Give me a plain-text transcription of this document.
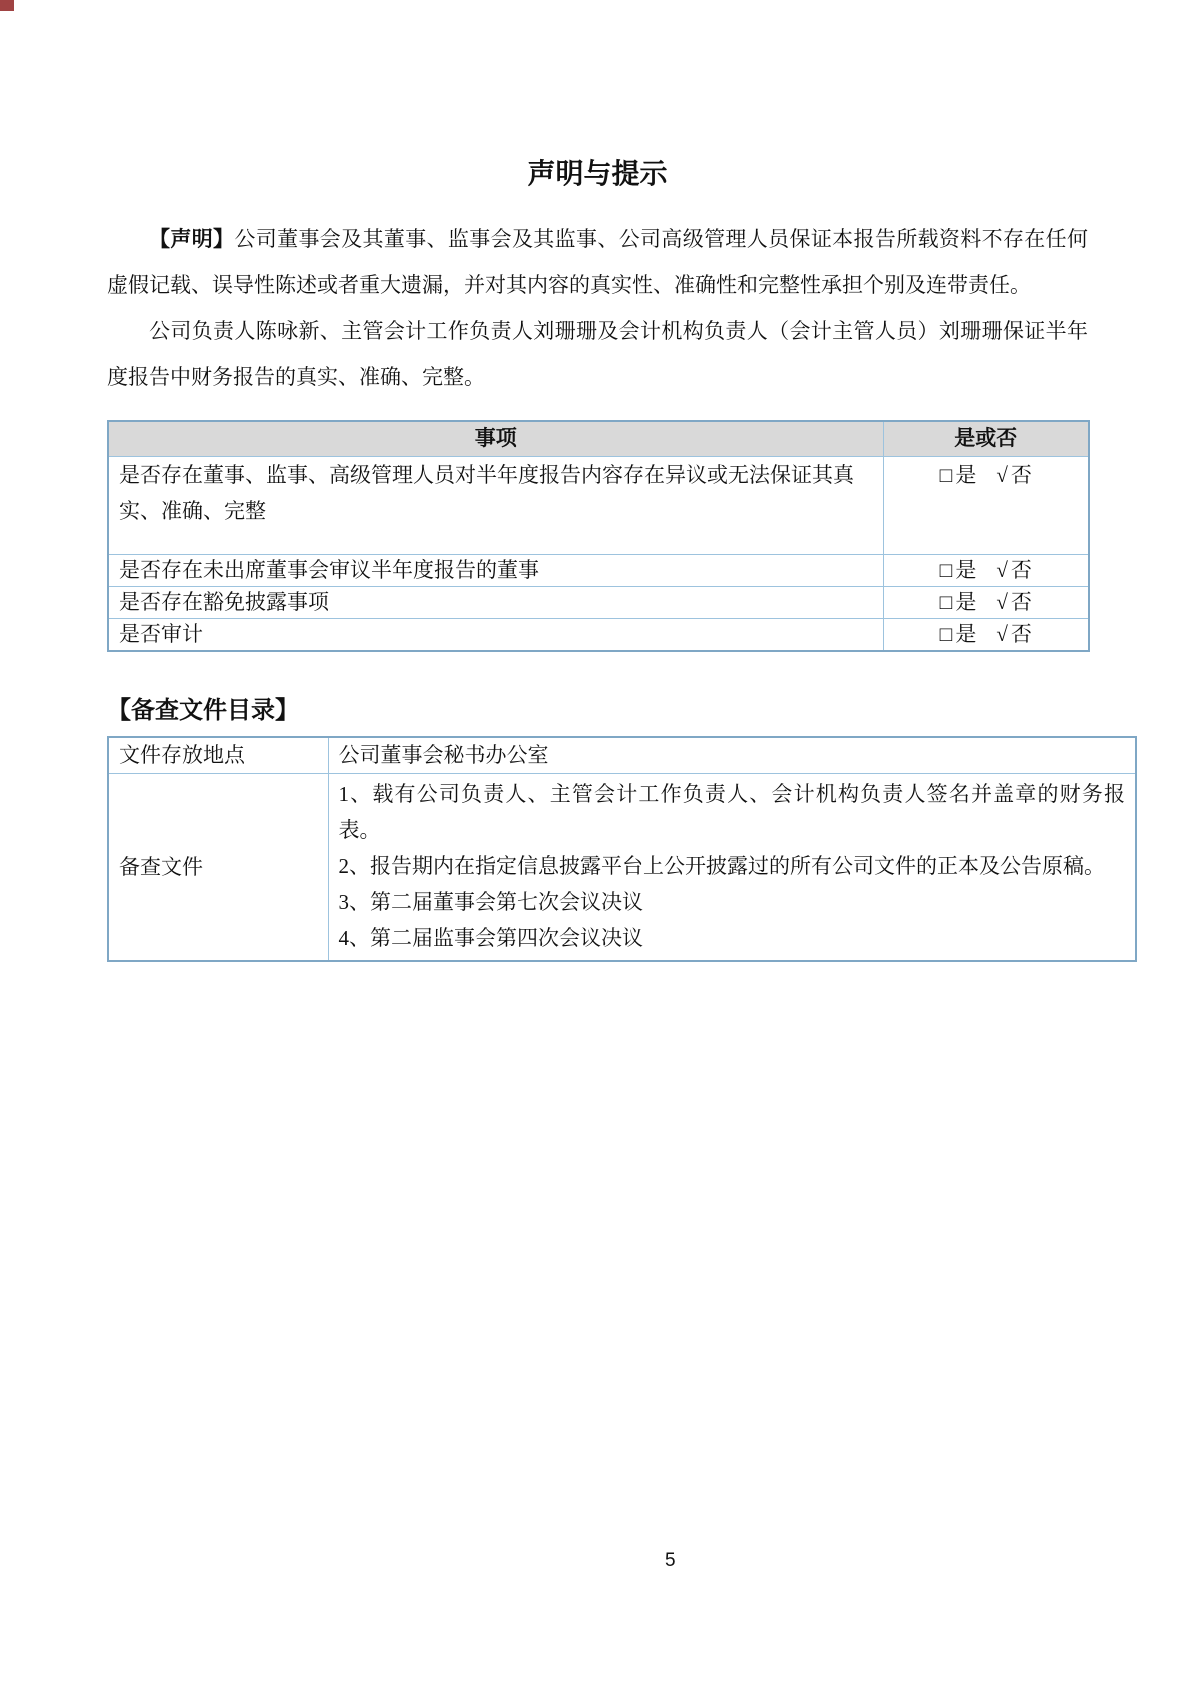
声明与提示

【声明】公司董事会及其董事、监事会及其监事、公司高级管理人员保证本报告所载资料不存在任何虚假记载、误导性陈述或者重大遗漏，并对其内容的真实性、准确性和完整性承担个别及连带责任。

公司负责人陈咏新、主管会计工作负责人刘珊珊及会计机构负责人（会计主管人员）刘珊珊保证半年度报告中财务报告的真实、准确、完整。

事项	是或否
是否存在董事、监事、高级管理人员对半年度报告内容存在异议或无法保证其真实、准确、完整	□ 是 √ 否
是否存在未出席董事会审议半年度报告的董事	□ 是 √ 否
是否存在豁免披露事项	□ 是 √ 否
是否审计	□ 是 √ 否
【备查文件目录】
文件存放地点	公司董事会秘书办公室
备查文件	1、载有公司负责人、主管会计工作负责人、会计机构负责人签名并盖章的财务报表。

2、报告期内在指定信息披露平台上公开披露过的所有公司文件的正本及公告原稿。

3、第二届董事会第七次会议决议

4、第二届监事会第四次会议决议

5
